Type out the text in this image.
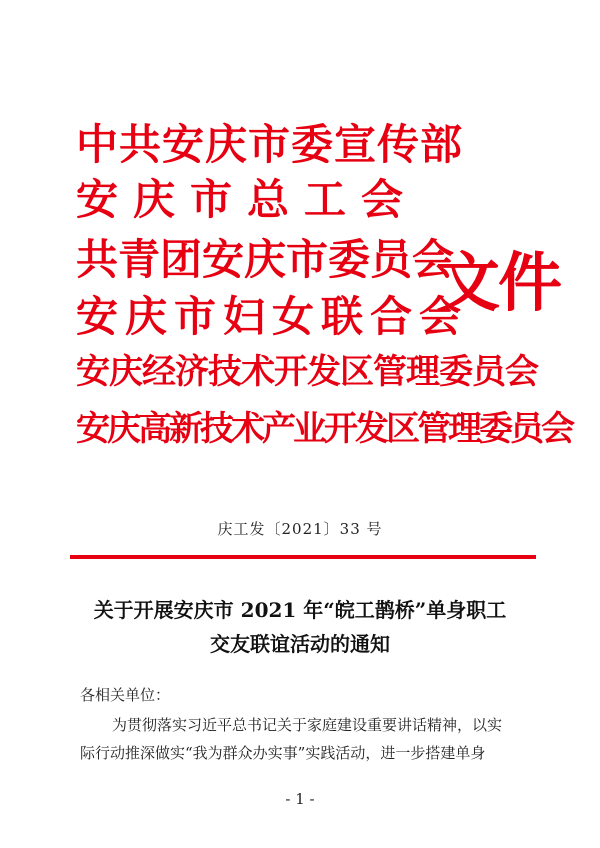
中共安庆市委宣传部
安庆市总工会
共青团安庆市委员会
安庆市妇女联合会
安庆经济技术开发区管理委员会
安庆高新技术产业开发区管理委员会
文件
庆工发〔2021〕33 号
关于开展安庆市 2021 年“皖工鹊桥”单身职工
交友联谊活动的通知
各相关单位：
为贯彻落实习近平总书记关于家庭建设重要讲话精神，以实
际行动推深做实“我为群众办实事”实践活动，进一步搭建单身
- 1 -
